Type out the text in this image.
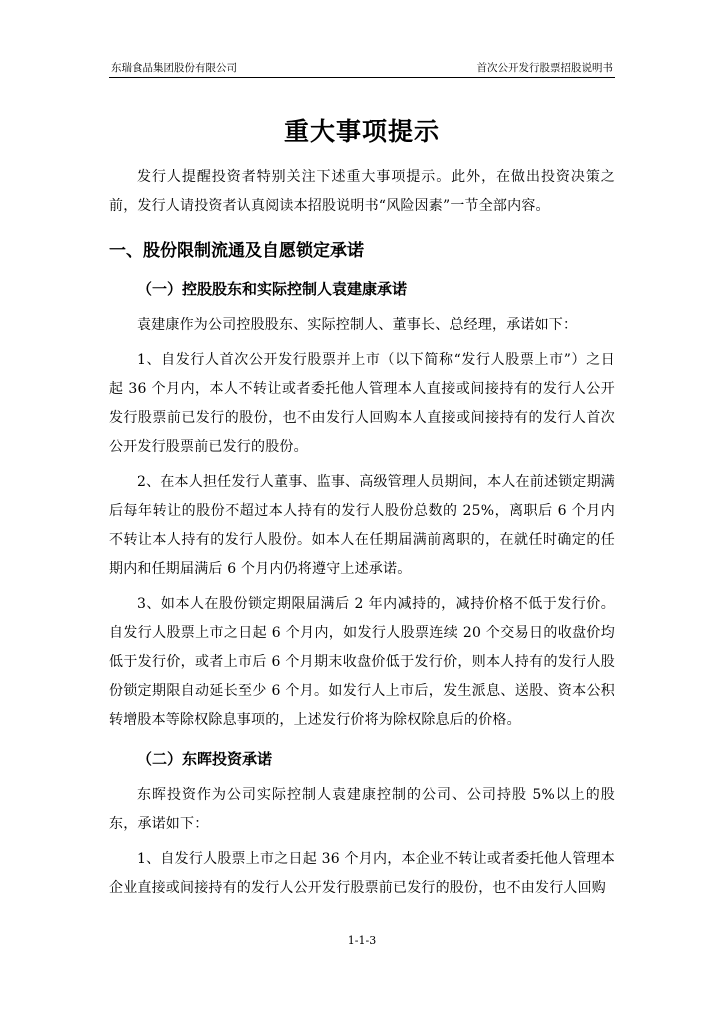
东瑞食品集团股份有限公司	首次公开发行股票招股说明书
重大事项提示

发行人提醒投资者特别关注下述重大事项提示。此外，在做出投资决策之前，发行人请投资者认真阅读本招股说明书“风险因素”一节全部内容。

一、股份限制流通及自愿锁定承诺
（一）控股股东和实际控制人袁建康承诺

袁建康作为公司控股股东、实际控制人、董事长、总经理，承诺如下：

1、自发行人首次公开发行股票并上市（以下简称“发行人股票上市”）之日起 36 个月内，本人不转让或者委托他人管理本人直接或间接持有的发行人公开发行股票前已发行的股份，也不由发行人回购本人直接或间接持有的发行人首次公开发行股票前已发行的股份。

2、在本人担任发行人董事、监事、高级管理人员期间，本人在前述锁定期满后每年转让的股份不超过本人持有的发行人股份总数的 25%，离职后 6 个月内不转让本人持有的发行人股份。如本人在任期届满前离职的，在就任时确定的任期内和任期届满后 6 个月内仍将遵守上述承诺。

3、如本人在股份锁定期限届满后 2 年内减持的，减持价格不低于发行价。自发行人股票上市之日起 6 个月内，如发行人股票连续 20 个交易日的收盘价均低于发行价，或者上市后 6 个月期末收盘价低于发行价，则本人持有的发行人股份锁定期限自动延长至少 6 个月。如发行人上市后，发生派息、送股、资本公积转增股本等除权除息事项的，上述发行价将为除权除息后的价格。

（二）东晖投资承诺

东晖投资作为公司实际控制人袁建康控制的公司、公司持股 5%以上的股东，承诺如下：

1、自发行人股票上市之日起 36 个月内，本企业不转让或者委托他人管理本企业直接或间接持有的发行人公开发行股票前已发行的股份，也不由发行人回购

1-1-3
